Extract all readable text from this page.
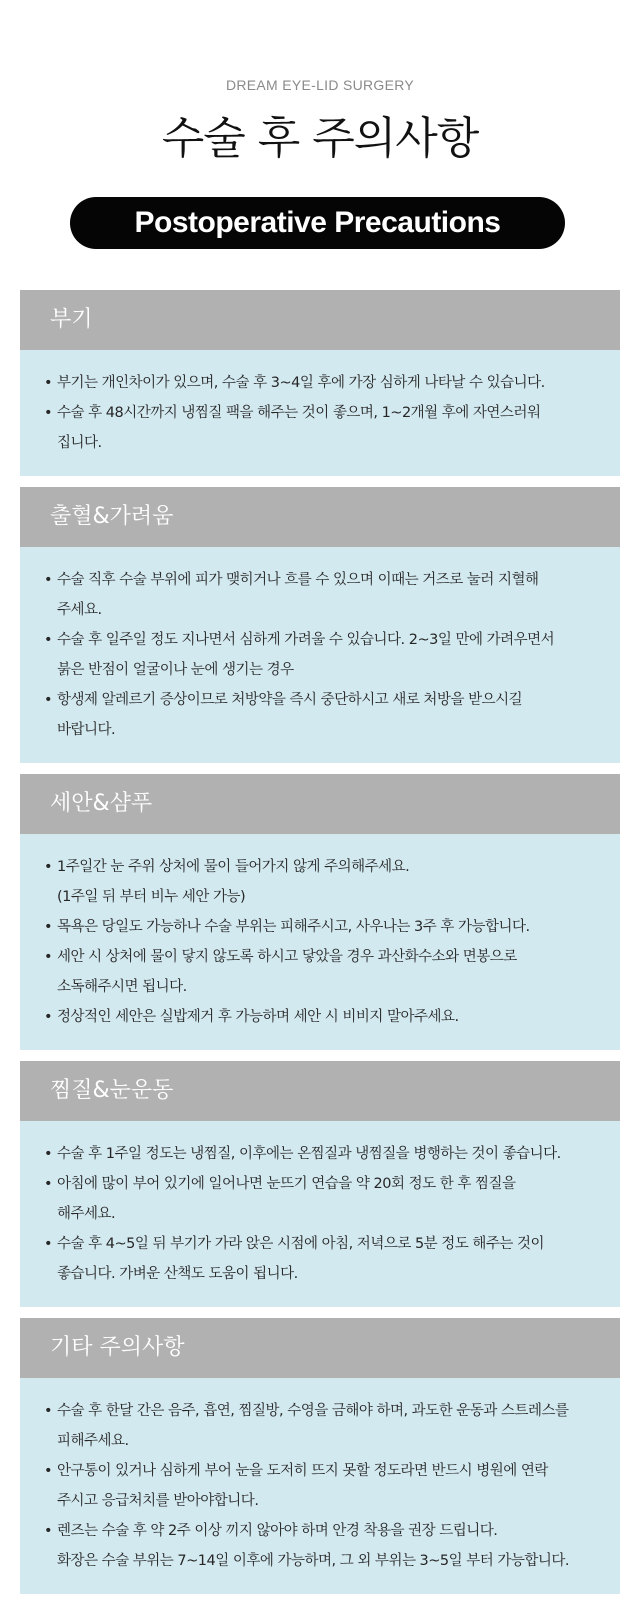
DREAM EYE-LID SURGERY
수술 후 주의사항
Postoperative Precautions
부기
• 부기는 개인차이가 있으며, 수술 후 3~4일 후에 가장 심하게 나타날 수 있습니다.
• 수술 후 48시간까지 냉찜질 팩을 해주는 것이 좋으며, 1~2개월 후에 자연스러워
집니다.
출혈&가려움
• 수술 직후 수술 부위에 피가 맺히거나 흐를 수 있으며 이때는 거즈로 눌러 지혈해
주세요.
• 수술 후 일주일 정도 지나면서 심하게 가려울 수 있습니다. 2~3일 만에 가려우면서
붉은 반점이 얼굴이나 눈에 생기는 경우
• 항생제 알레르기 증상이므로 처방약을 즉시 중단하시고 새로 처방을 받으시길
바랍니다.
세안&샴푸
• 1주일간 눈 주위 상처에 물이 들어가지 않게 주의해주세요.
(1주일 뒤 부터 비누 세안 가능)
• 목욕은 당일도 가능하나 수술 부위는 피해주시고, 사우나는 3주 후 가능합니다.
• 세안 시 상처에 물이 닿지 않도록 하시고 닿았을 경우 과산화수소와 면봉으로
소독해주시면 됩니다.
• 정상적인 세안은 실밥제거 후 가능하며 세안 시 비비지 말아주세요.
찜질&눈운동
• 수술 후 1주일 정도는 냉찜질, 이후에는 온찜질과 냉찜질을 병행하는 것이 좋습니다.
• 아침에 많이 부어 있기에 일어나면 눈뜨기 연습을 약 20회 정도 한 후 찜질을
해주세요.
• 수술 후 4~5일 뒤 부기가 가라 앉은 시점에 아침, 저녁으로 5분 정도 해주는 것이
좋습니다. 가벼운 산책도 도움이 됩니다.
기타 주의사항
• 수술 후 한달 간은 음주, 흡연, 찜질방, 수영을 금해야 하며, 과도한 운동과 스트레스를
피해주세요.
• 안구통이 있거나 심하게 부어 눈을 도저히 뜨지 못할 정도라면 반드시 병원에 연락
주시고 응급처치를 받아야합니다.
• 렌즈는 수술 후 약 2주 이상 끼지 않아야 하며 안경 착용을 권장 드립니다.
화장은 수술 부위는 7~14일 이후에 가능하며, 그 외 부위는 3~5일 부터 가능합니다.
